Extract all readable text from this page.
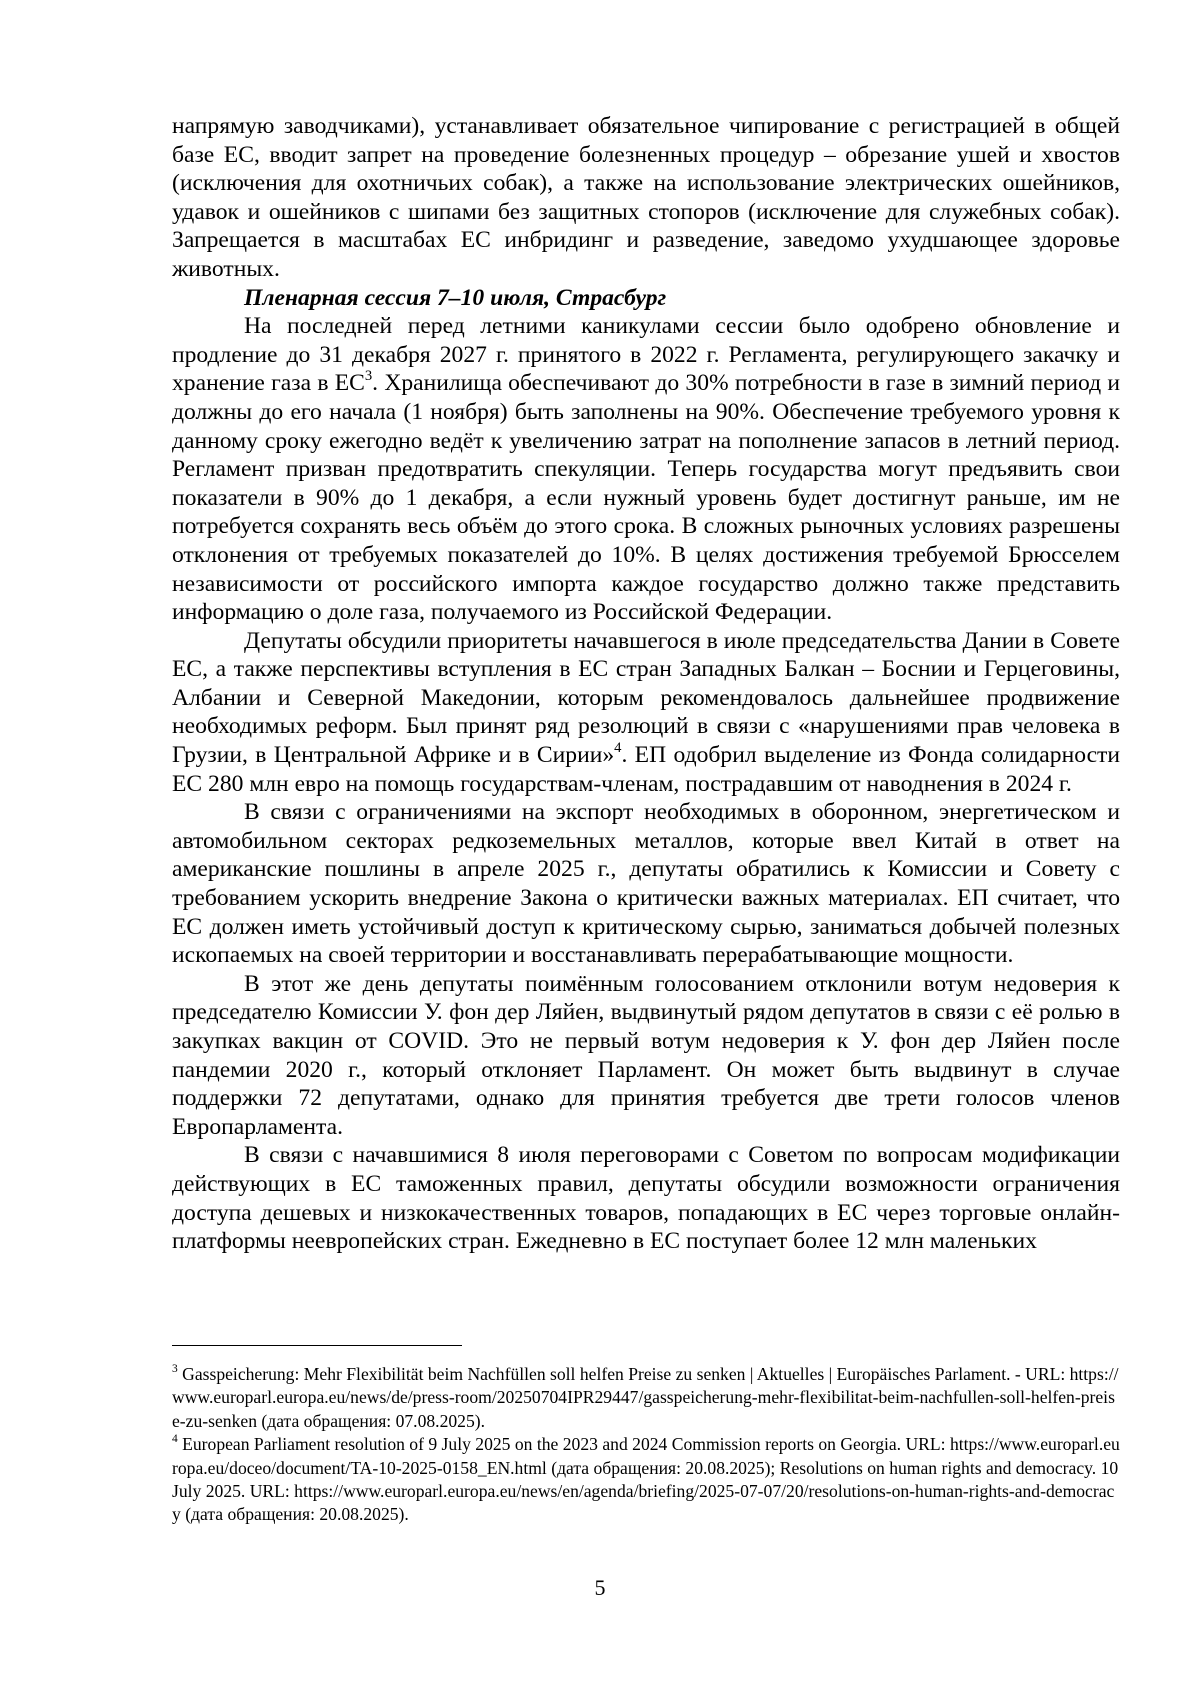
напрямую заводчиками), устанавливает обязательное чипирование с регистрацией в общей базе ЕС, вводит запрет на проведение болезненных процедур – обрезание ушей и хвостов (исключения для охотничьих собак), а также на использование электрических ошейников, удавок и ошейников с шипами без защитных стопоров (исключение для служебных собак). Запрещается в масштабах ЕС инбридинг и разведение, заведомо ухудшающее здоровье животных.

Пленарная сессия 7–10 июля, Страсбург

На последней перед летними каникулами сессии было одобрено обновление и продление до 31 декабря 2027 г. принятого в 2022 г. Регламента, регулирующего закачку и хранение газа в $ЕС^3$. Хранилища обеспечивают до 30% потребности в газе в зимний период и должны до его начала (1 ноября) быть заполнены на 90%. Обеспечение требуемого уровня к данному сроку ежегодно ведёт к увеличению затрат на пополнение запасов в летний период. Регламент призван предотвратить спекуляции. Теперь государства могут предъявить свои показатели в 90% до 1 декабря, а если нужный уровень будет достигнут раньше, им не потребуется сохранять весь объём до этого срока. В сложных рыночных условиях разрешены отклонения от требуемых показателей до 10%. В целях достижения требуемой Брюсселем независимости от российского импорта каждое государство должно также представить информацию о доле газа, получаемого из Российской Федерации.

Депутаты обсудили приоритеты начавшегося в июле председательства Дании в Совете ЕС, а также перспективы вступления в ЕС стран Западных Балкан – Боснии и Герцеговины, Албании и Северной Македонии, которым рекомендовалось дальнейшее продвижение необходимых реформ. Был принят ряд резолюций в связи с «нарушениями прав человека в Грузии, в Центральной Африке и в Сирии»$^4$. ЕП одобрил выделение из Фонда солидарности ЕС 280 млн евро на помощь государствам-членам, пострадавшим от наводнения в 2024 г.

В связи с ограничениями на экспорт необходимых в оборонном, энергетическом и автомобильном секторах редкоземельных металлов, которые ввел Китай в ответ на американские пошлины в апреле 2025 г., депутаты обратились к Комиссии и Совету с требованием ускорить внедрение Закона о критически важных материалах. ЕП считает, что ЕС должен иметь устойчивый доступ к критическому сырью, заниматься добычей полезных ископаемых на своей территории и восстанавливать перерабатывающие мощности.

В этот же день депутаты поимённым голосованием отклонили вотум недоверия к председателю Комиссии У. фон дер Ляйен, выдвинутый рядом депутатов в связи с её ролью в закупках вакцин от COVID. Это не первый вотум недоверия к У. фон дер Ляйен после пандемии 2020 г., который отклоняет Парламент. Он может быть выдвинут в случае поддержки 72 депутатами, однако для принятия требуется две трети голосов членов Европарламента.

В связи с начавшимися 8 июля переговорами с Советом по вопросам модификации действующих в ЕС таможенных правил, депутаты обсудили возможности ограничения доступа дешевых и низкокачественных товаров, попадающих в ЕС через торговые онлайн-платформы неевропейских стран. Ежедневно в ЕС поступает более 12 млн маленьких

$^3$ Gasspeicherung: Mehr Flexibilität beim Nachfüllen soll helfen Preise zu senken | Aktuelles | Europäisches Parlament. - URL: https://www.europarl.europa.eu/news/de/press-room/20250704IPR29447/gasspeicherung-mehr-flexibilitat-beim-nachfullen-soll-helfen-preise-zu-senken (дата обращения: 07.08.2025).

$^4$ European Parliament resolution of 9 July 2025 on the 2023 and 2024 Commission reports on Georgia. URL: https://www.europarl.europa.eu/doceo/document/TA-10-2025-0158_EN.html (дата обращения: 20.08.2025); Resolutions on human rights and democracy. 10 July 2025. URL: https://www.europarl.europa.eu/news/en/agenda/briefing/2025-07-07/20/resolutions-on-human-rights-and-democracy (дата обращения: 20.08.2025).

5
